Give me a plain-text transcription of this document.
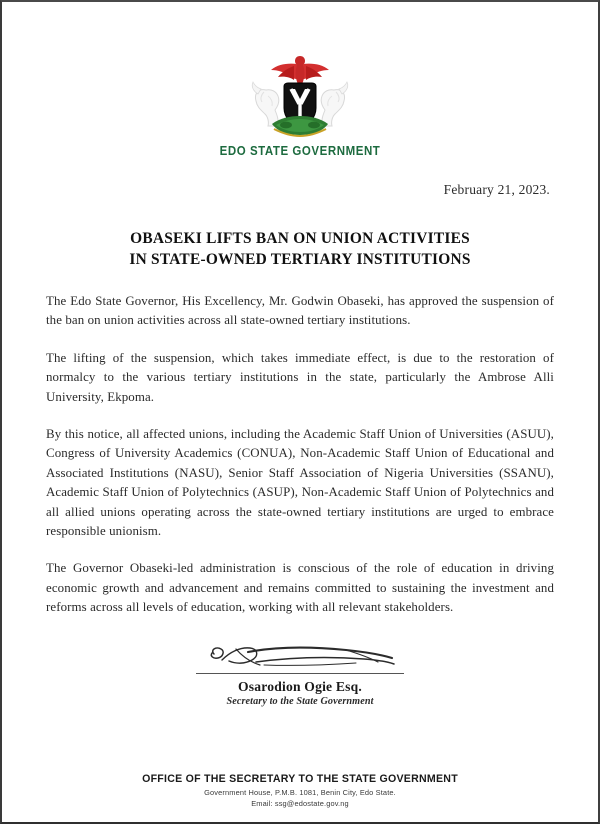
EDO STATE GOVERNMENT
February 21, 2023.
OBASEKI LIFTS BAN ON UNION ACTIVITIES
IN STATE-OWNED TERTIARY INSTITUTIONS

The Edo State Governor, His Excellency, Mr. Godwin Obaseki, has approved the suspension of the ban on union activities across all state-owned tertiary institutions.

The lifting of the suspension, which takes immediate effect, is due to the restoration of normalcy to the various tertiary institutions in the state, particularly the Ambrose Alli University, Ekpoma.

By this notice, all affected unions, including the Academic Staff Union of Universities (ASUU), Congress of University Academics (CONUA), Non-Academic Staff Union of Educational and Associated Institutions (NASU), Senior Staff Association of Nigeria Universities (SSANU), Academic Staff Union of Polytechnics (ASUP), Non-Academic Staff Union of Polytechnics and all allied unions operating across the state-owned tertiary institutions are urged to embrace responsible unionism.

The Governor Obaseki-led administration is conscious of the role of education in driving economic growth and advancement and remains committed to sustaining the investment and reforms across all levels of education, working with all relevant stakeholders.

Osarodion Ogie Esq.
Secretary to the State Government
OFFICE OF THE SECRETARY TO THE STATE GOVERNMENT
Government House, P.M.B. 1081, Benin City, Edo State.
Email: ssg@edostate.gov.ng
